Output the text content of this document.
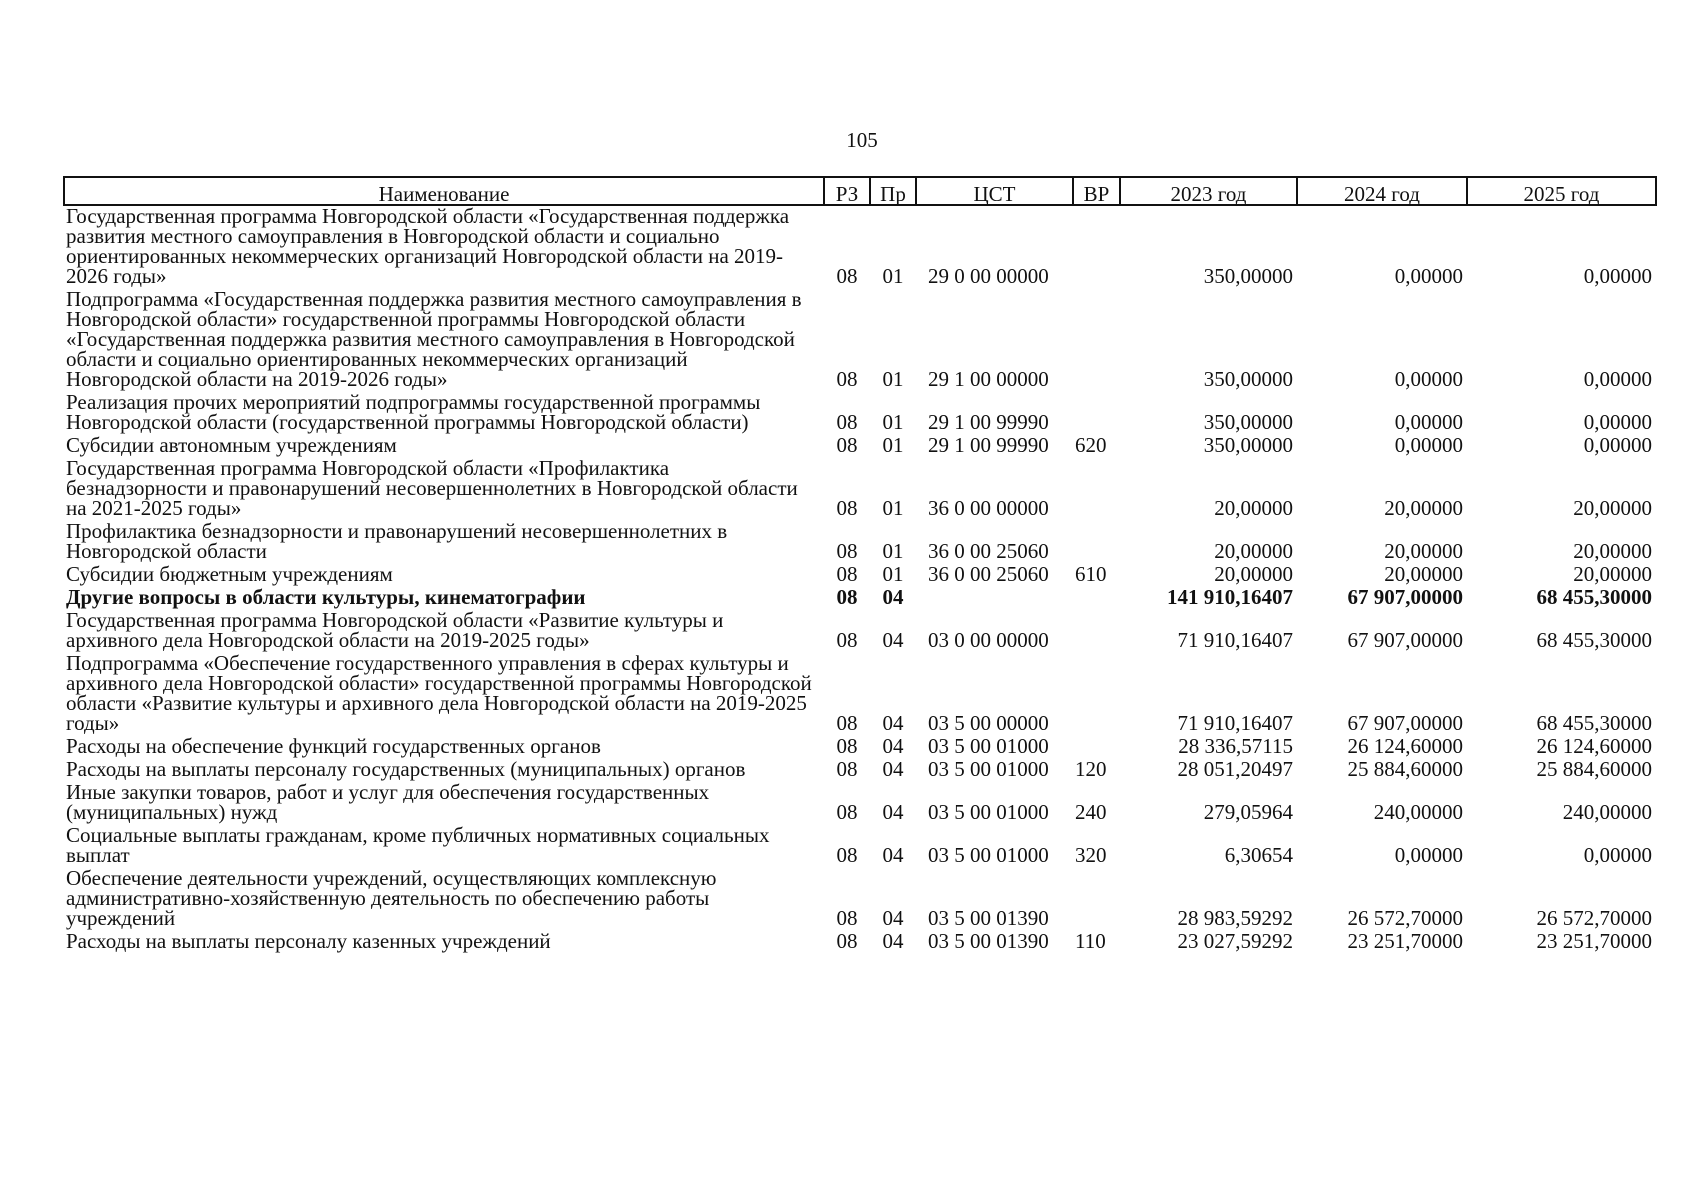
105
Наименование	РЗ	Пр	ЦСТ	ВР	2023 год	2024 год	2025 год
Государственная программа Новгородской области «Государственная поддержка развития местного самоуправления в Новгородской области и социально ориентированных некоммерческих организаций Новгородской области на 2019-2026 годы»	08	01	29 0 00 00000		350,00000	0,00000	0,00000
Подпрограмма «Государственная поддержка развития местного самоуправления в Новгородской области» государственной программы Новгородской области «Государственная поддержка развития местного самоуправления в Новгородской области и социально ориентированных некоммерческих организаций Новгородской области на 2019-2026 годы»	08	01	29 1 00 00000		350,00000	0,00000	0,00000
Реализация прочих мероприятий подпрограммы государственной программы Новгородской области (государственной программы Новгородской области)	08	01	29 1 00 99990		350,00000	0,00000	0,00000
Субсидии автономным учреждениям	08	01	29 1 00 99990	620	350,00000	0,00000	0,00000
Государственная программа Новгородской области «Профилактика безнадзорности и правонарушений несовершеннолетних в Новгородской области на 2021-2025 годы»	08	01	36 0 00 00000		20,00000	20,00000	20,00000
Профилактика безнадзорности и правонарушений несовершеннолетних в Новгородской области	08	01	36 0 00 25060		20,00000	20,00000	20,00000
Субсидии бюджетным учреждениям	08	01	36 0 00 25060	610	20,00000	20,00000	20,00000
Другие вопросы в области культуры, кинематографии	08	04			141 910,16407	67 907,00000	68 455,30000
Государственная программа Новгородской области «Развитие культуры и архивного дела Новгородской области на 2019-2025 годы»	08	04	03 0 00 00000		71 910,16407	67 907,00000	68 455,30000
Подпрограмма «Обеспечение государственного управления в сферах культуры и архивного дела Новгородской области» государственной программы Новгородской области «Развитие культуры и архивного дела Новгородской области на 2019-2025 годы»	08	04	03 5 00 00000		71 910,16407	67 907,00000	68 455,30000
Расходы на обеспечение функций государственных органов	08	04	03 5 00 01000		28 336,57115	26 124,60000	26 124,60000
Расходы на выплаты персоналу государственных (муниципальных) органов	08	04	03 5 00 01000	120	28 051,20497	25 884,60000	25 884,60000
Иные закупки товаров, работ и услуг для обеспечения государственных (муниципальных) нужд	08	04	03 5 00 01000	240	279,05964	240,00000	240,00000
Социальные выплаты гражданам, кроме публичных нормативных социальных выплат	08	04	03 5 00 01000	320	6,30654	0,00000	0,00000
Обеспечение деятельности учреждений, осуществляющих комплексную административно-хозяйственную деятельность по обеспечению работы учреждений	08	04	03 5 00 01390		28 983,59292	26 572,70000	26 572,70000
Расходы на выплаты персоналу казенных учреждений	08	04	03 5 00 01390	110	23 027,59292	23 251,70000	23 251,70000
